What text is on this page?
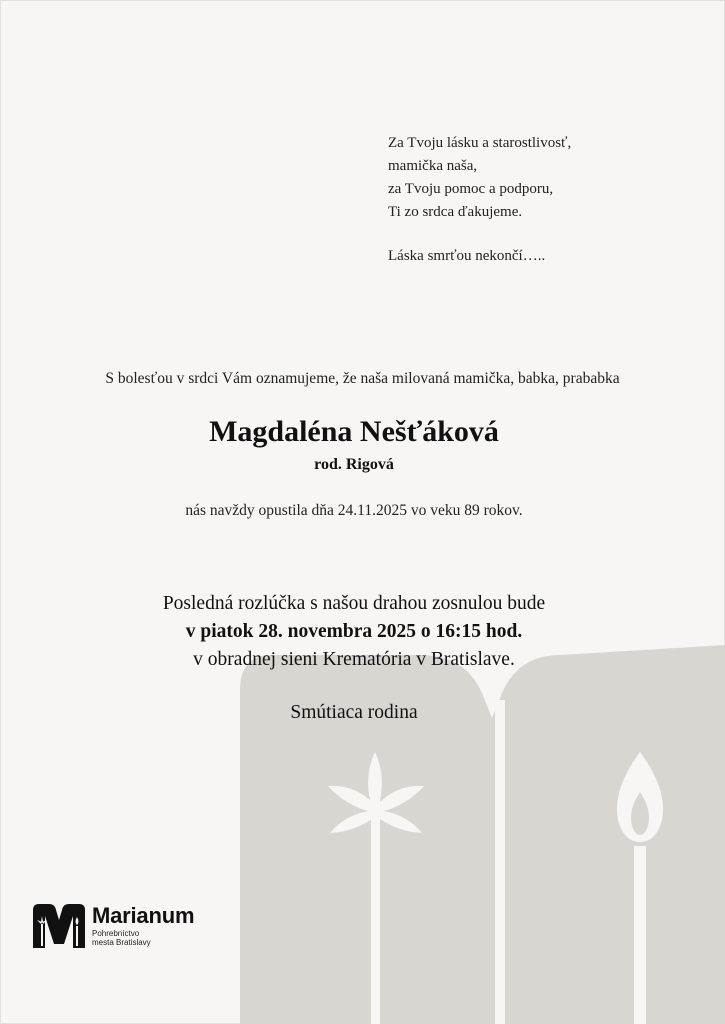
Za Tvoju lásku a starostlivosť,
mamička naša,
za Tvoju pomoc a podporu,
Ti zo srdca ďakujeme.
Láska smrťou nekončí…..
S bolesťou v srdci Vám oznamujeme, že naša milovaná mamička, babka, prababka
Magdaléna Nešťáková
rod. Rigová
nás navždy opustila dňa 24.11.2025 vo veku 89 rokov.
Posledná rozlúčka s našou drahou zosnulou bude
v piatok 28. novembra 2025 o 16:15 hod.
v obradnej sieni Krematória v Bratislave.
Smútiaca rodina
Marianum
Pohrebníctvo
mesta Bratislavy
